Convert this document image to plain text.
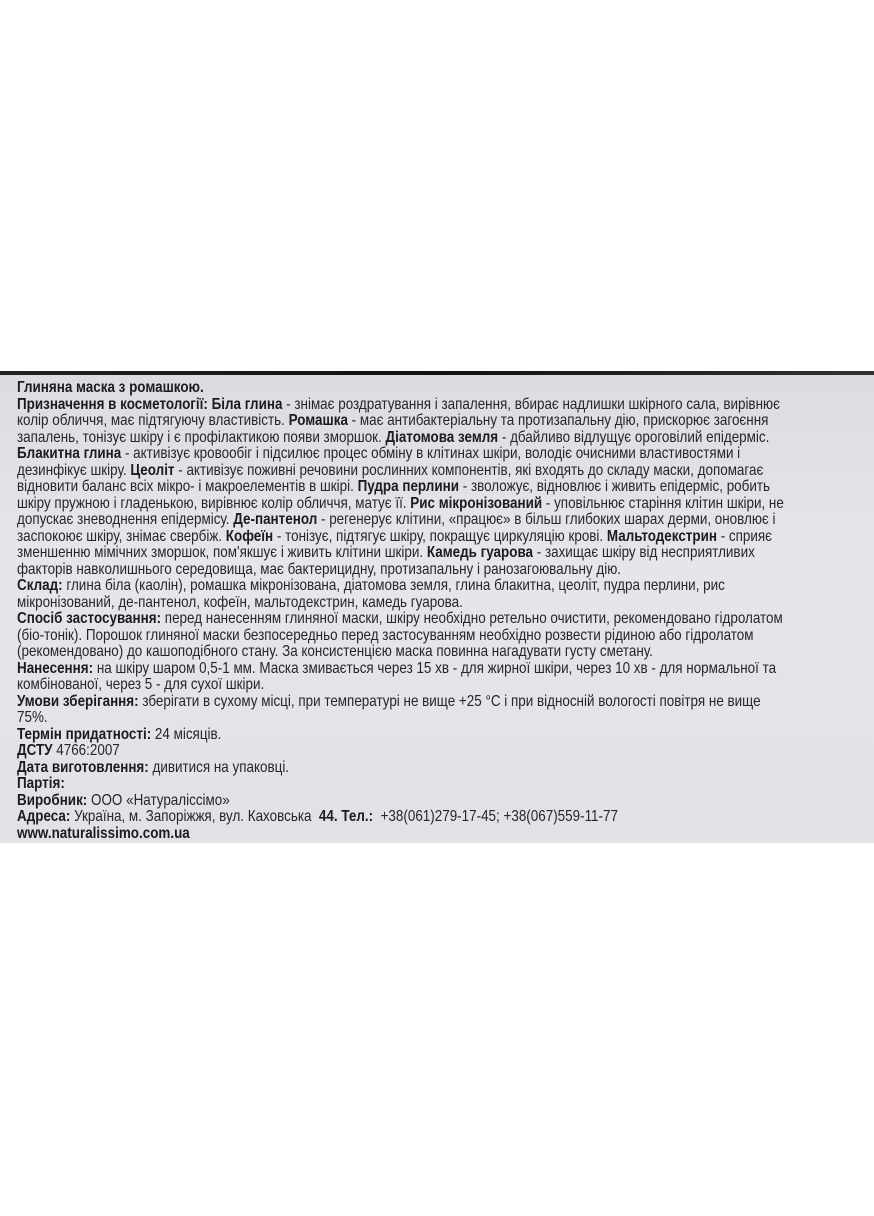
Глиняна маска з ромашкою.
Призначення в косметології: Біла глина - знімає роздратування і запалення, вбирає надлишки шкірного сала, вирівнює
колір обличчя, має підтягуючу властивість. Ромашка - має антибактеріальну та протизапальну дію, прискорює загоєння
запалень, тонізує шкіру і є профілактикою появи зморшок. Діатомова земля - дбайливо відлущує ороговілий епідерміс.
Блакитна глина - активізує кровообіг і підсилює процес обміну в клітинах шкіри, володіє очисними властивостями і
дезинфікує шкіру. Цеоліт - активізує поживні речовини рослинних компонентів, які входять до складу маски, допомагає
відновити баланс всіх мікро- і макроелементів в шкірі. Пудра перлини - зволожує, відновлює і живить епідерміс, робить
шкіру пружною і гладенькою, вирівнює колір обличчя, матує її. Рис мікронізований - уповільнює старіння клітин шкіри, не
допускає зневоднення епідермісу. Де-пантенол - регенерує клітини, «працює» в більш глибоких шарах дерми, оновлює і
заспокоює шкіру, знімає свербіж. Кофеїн - тонізує, підтягує шкіру, покращує циркуляцію крові. Мальтодекстрин - сприяє
зменшенню мімічних зморшок, пом'якшує і живить клітини шкіри. Камедь гуарова - захищає шкіру від несприятливих
факторів навколишнього середовища, має бактерицидну, протизапальну і ранозагоювальну дію.
Склад: глина біла (каолін), ромашка мікронізована, діатомова земля, глина блакитна, цеоліт, пудра перлини, рис
мікронізований, де-пантенол, кофеїн, мальтодекстрин, камедь гуарова.
Спосіб застосування: перед нанесенням глиняної маски, шкіру необхідно ретельно очистити, рекомендовано гідролатом
(біо-тонік). Порошок глиняної маски безпосередньо перед застосуванням необхідно розвести рідиною або гідролатом
(рекомендовано) до кашоподібного стану. За консистенцією маска повинна нагадувати густу сметану.
Нанесення: на шкіру шаром 0,5-1 мм. Маска змивається через 15 хв - для жирної шкіри, через 10 хв - для нормальної та
комбінованої, через 5 - для сухої шкіри.
Умови зберігання: зберігати в сухому місці, при температурі не вище +25 °С і при відносній вологості повітря не вище
75%.
Термін придатності: 24 місяців.
ДСТУ 4766:2007
Дата виготовлення: дивитися на упаковці.
Партія:
Виробник: ООО «Натураліссімо»
Адреса: Україна, м. Запоріжжя, вул. Каховська  44. Тел.:  +38(061)279-17-45; +38(067)559-11-77
www.naturalissimo.com.ua
